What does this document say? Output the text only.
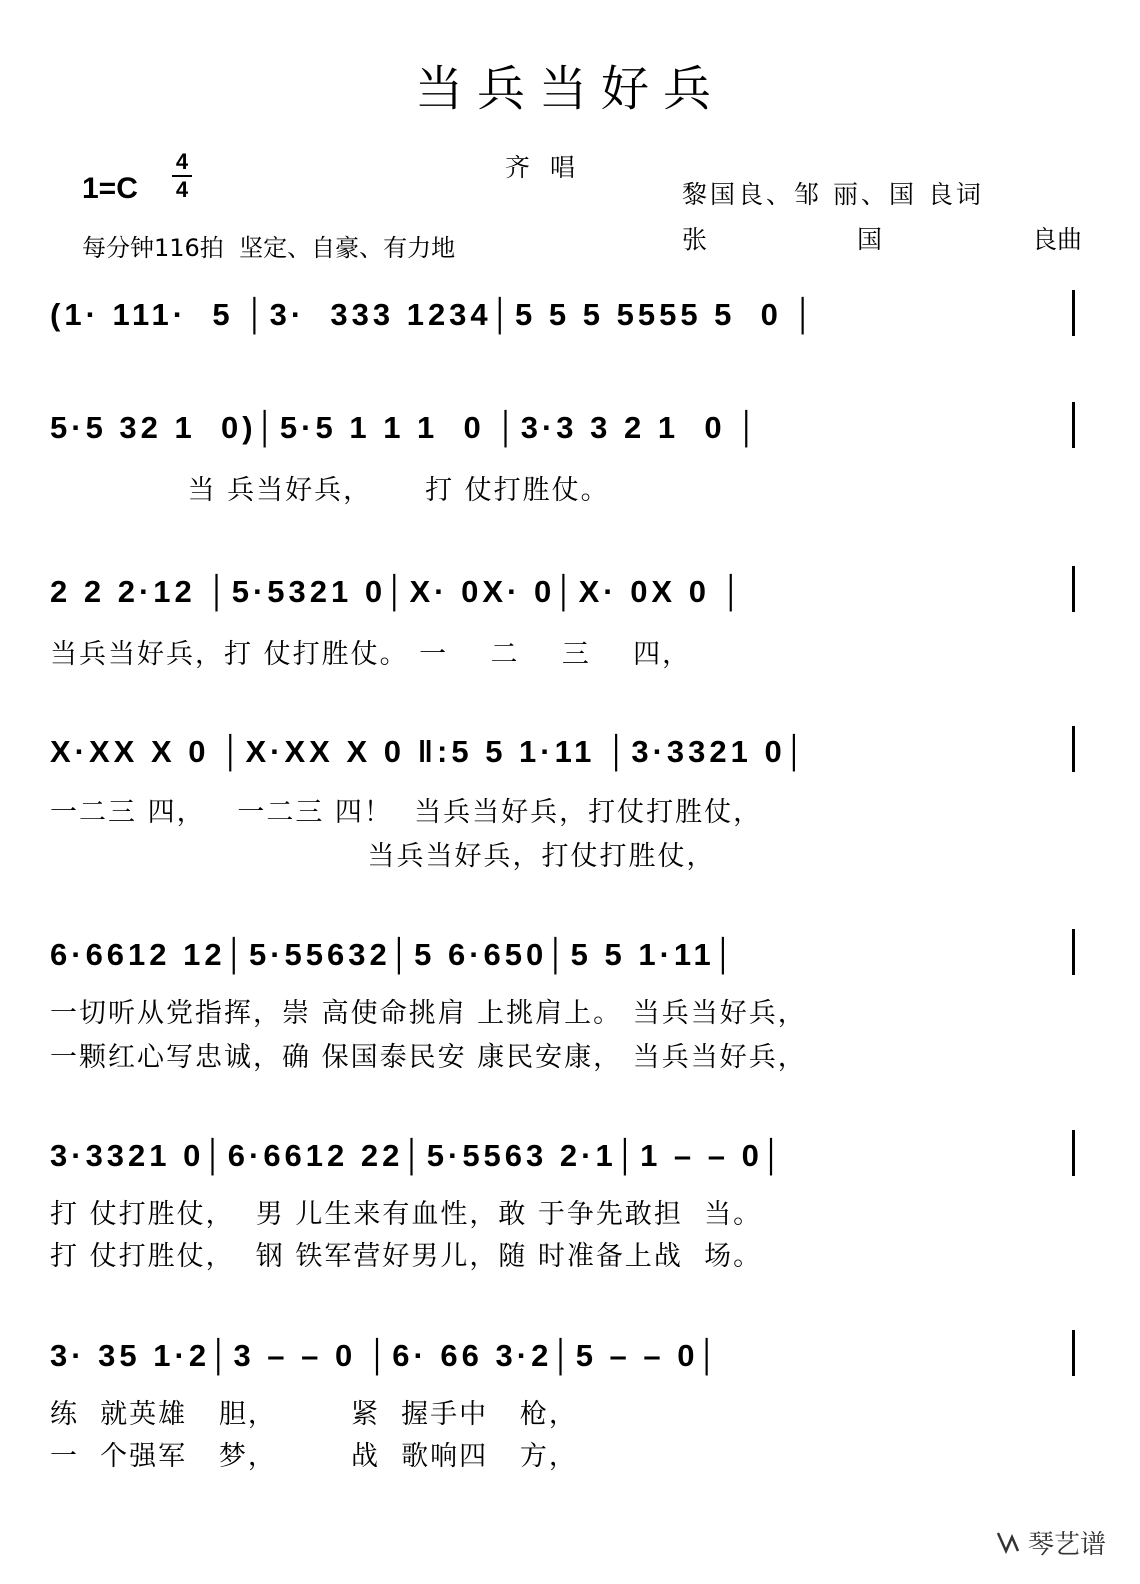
当兵当好兵
齐唱
1=C
4
4
每分钟116拍  坚定、自豪、有力地
黎国良、邹 丽、国 良词
张	国	良曲
(1· 111·  5 │3·  333 1234│5 5 5 5555 5  0 │
5·5 32 1  0)│5·5 1 1 1  0 │3·3 3 2 1  0 │
当 兵当好兵，     打 仗打胜仗。
2 2 2·12 │5·5321 0│X· 0X· 0│X· 0X 0 │
当兵当好兵，打 仗打胜仗。 一    二    三    四，
X·XX X 0 │X·XX X 0 ‖:5 5 1·11 │3·3321 0│
一二三 四，   一二三 四！  当兵当好兵，打仗打胜仗，
当兵当好兵，打仗打胜仗，
6·6612 12│5·55632│5 6·650│5 5 1·11│
一切听从党指挥，崇 高使命挑肩 上挑肩上。 当兵当好兵，
一颗红心写忠诚，确 保国泰民安 康民安康， 当兵当好兵，
3·3321 0│6·6612 22│5·5563 2·1│1 – – 0│
打 仗打胜仗，  男 儿生来有血性，敢 于争先敢担  当。
打 仗打胜仗，  钢 铁军营好男儿，随 时准备上战  场。
3· 35 1·2│3 – – 0 │6· 66 3·2│5 – – 0│
练  就英雄   胆，       紧  握手中   枪，
一  个强军   梦，       战  歌响四   方，
琴艺谱
